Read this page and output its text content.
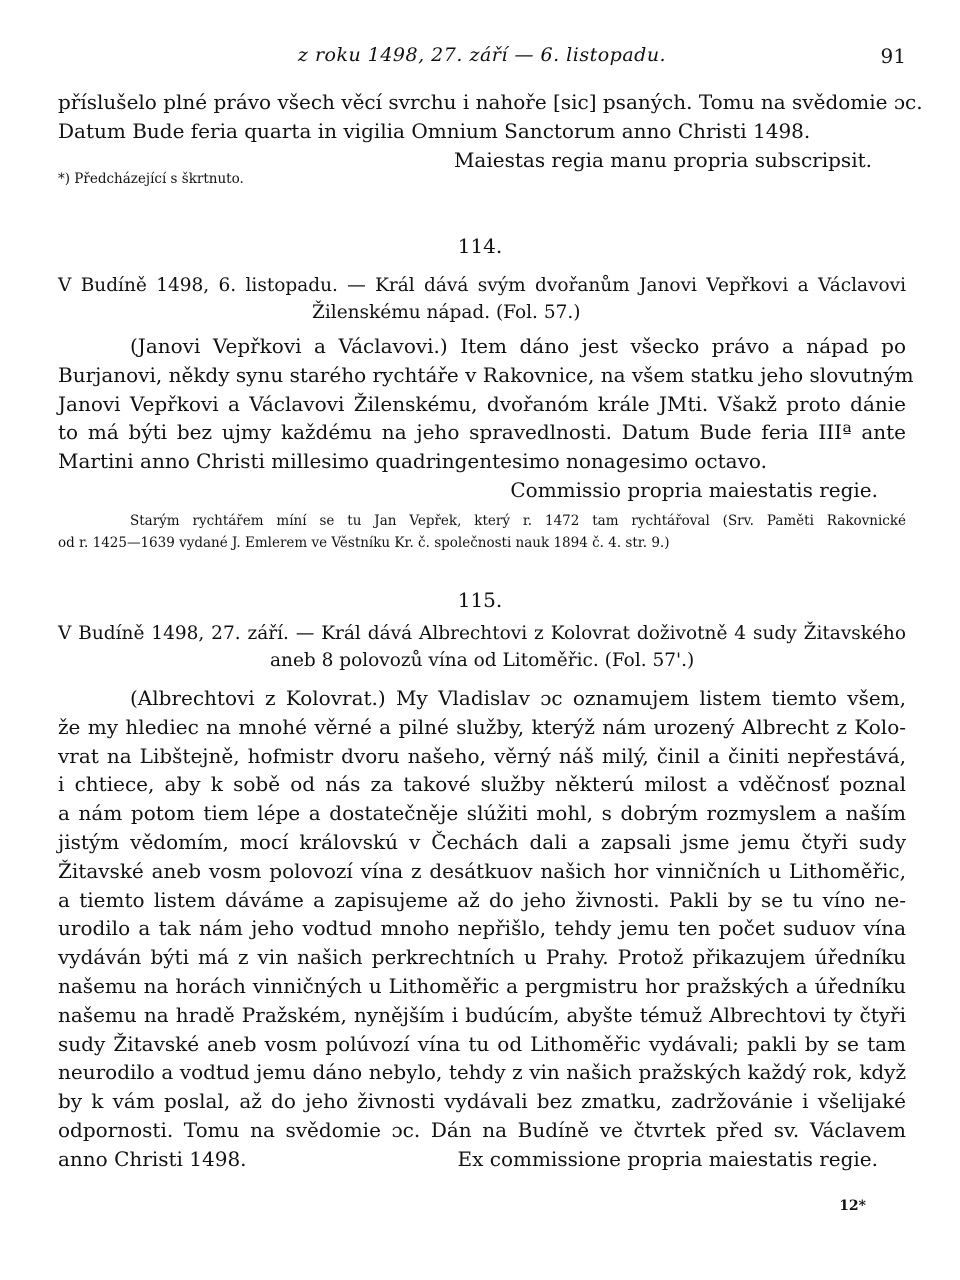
z roku 1498, 27. září — 6. listopadu.	91
příslušelo plné právo všech věcí svrchu i nahoře [sic] psaných. Tomu na svědomie ɔc.
Datum Bude feria quarta in vigilia Omnium Sanctorum anno Christi 1498.
Maiestas regia manu propria subscripsit.
*) Předcházející s škrtnuto.
114.
V Budíně 1498, 6. listopadu. — Král dává svým dvořanům Janovi Vepřkovi a Václavovi
Žilenskému nápad. (Fol. 57.)
(Janovi Vepřkovi a Václavovi.) Item dáno jest všecko právo a nápad po
Burjanovi, někdy synu starého rychtáře v Rakovnice, na všem statku jeho slovutným
Janovi Vepřkovi a Václavovi Žilenskému, dvořanóm krále JMti. Všakž proto dánie
to má býti bez ujmy každému na jeho spravedlnosti. Datum Bude feria IIIª ante
Martini anno Christi millesimo quadringentesimo nonagesimo octavo.
Commissio propria maiestatis regie.
Starým rychtářem míní se tu Jan Vepřek, který r. 1472 tam rychtářoval (Srv. Paměti Rakovnické
od r. 1425—1639 vydané J. Emlerem ve Věstníku Kr. č. společnosti nauk 1894 č. 4. str. 9.)
115.
V Budíně 1498, 27. září. — Král dává Albrechtovi z Kolovrat doživotně 4 sudy Žitavského
aneb 8 polovozů vína od Litoměřic. (Fol. 57'.)
(Albrechtovi z Kolovrat.) My Vladislav ɔc oznamujem listem tiemto všem,
že my hlediec na mnohé věrné a pilné služby, kterýž nám urozený Albrecht z Kolo-
vrat na Libštejně, hofmistr dvoru našeho, věrný náš milý, činil a činiti nepřestává,
i chtiece, aby k sobě od nás za takové služby některú milost a vděčnosť poznal
a nám potom tiem lépe a dostatečněje slúžiti mohl, s dobrým rozmyslem a naším
jistým vědomím, mocí královskú v Čechách dali a zapsali jsme jemu čtyři sudy
Žitavské aneb vosm polovozí vína z desátkuov našich hor vinničních u Lithoměřic,
a tiemto listem dáváme a zapisujeme až do jeho živnosti. Pakli by se tu víno ne-
urodilo a tak nám jeho vodtud mnoho nepřišlo, tehdy jemu ten počet suduov vína
vydáván býti má z vin našich perkrechtních u Prahy. Protož přikazujem úředníku
našemu na horách vinničných u Lithoměřic a pergmistru hor pražských a úředníku
našemu na hradě Pražském, nynějším i budúcím, abyšte témuž Albrechtovi ty čtyři
sudy Žitavské aneb vosm polúvozí vína tu od Lithoměřic vydávali; pakli by se tam
neurodilo a vodtud jemu dáno nebylo, tehdy z vin našich pražských každý rok, když
by k vám poslal, až do jeho živnosti vydávali bez zmatku, zadržovánie i všelijaké
odpornosti. Tomu na svědomie ɔc. Dán na Budíně ve čtvrtek před sv. Václavem
anno Christi 1498.	Ex commissione propria maiestatis regie.
12*
